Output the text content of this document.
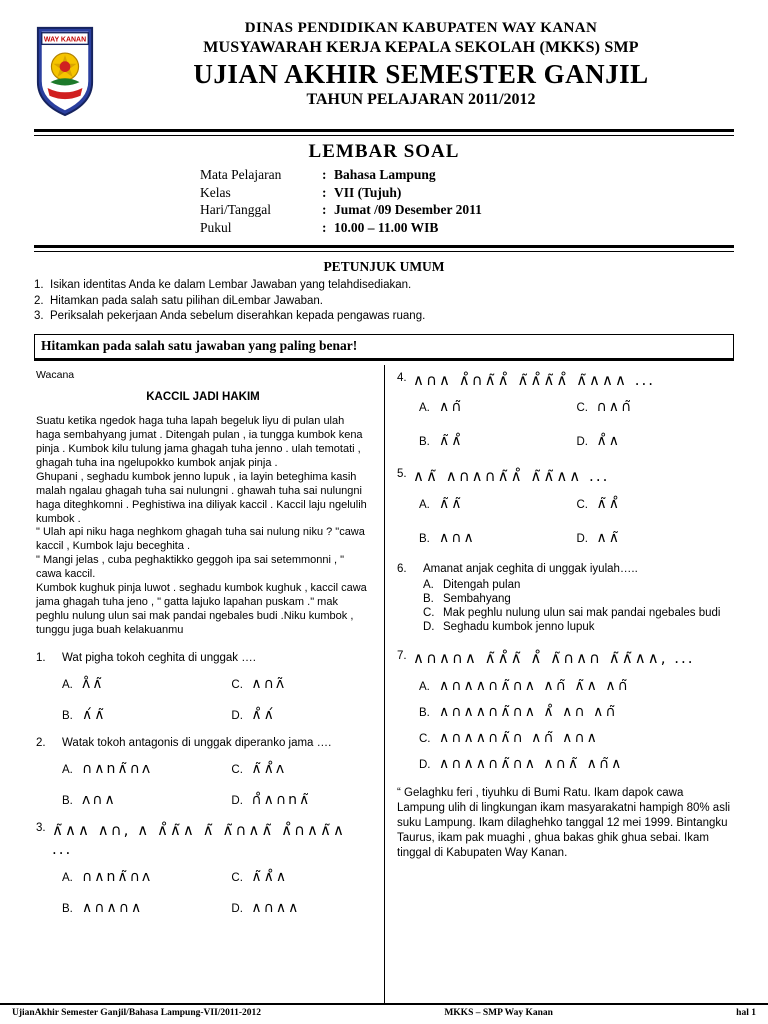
WAY KANAN
DINAS PENDIDIKAN KABUPATEN WAY KANAN
MUSYAWARAH KERJA KEPALA SEKOLAH (MKKS) SMP
UJIAN AKHIR SEMESTER GANJIL
TAHUN PELAJARAN 2011/2012
LEMBAR SOAL
Mata Pelajaran	: Bahasa Lampung
Kelas	: VII (Tujuh)
Hari/Tanggal	: Jumat /09 Desember 2011
Pukul	: 10.00 – 11.00 WIB
PETUNJUK UMUM
1. Isikan identitas Anda ke dalam Lembar Jawaban yang telahdisediakan.
2. Hitamkan pada salah satu pilihan diLembar Jawaban.
3. Periksalah pekerjaan Anda sebelum diserahkan kepada pengawas ruang.
Hitamkan pada salah satu jawaban yang paling benar!
Wacana
KACCIL JADI HAKIM
Suatu ketika ngedok haga tuha lapah begeluk liyu di pulan ulah haga sembahyang jumat . Ditengah pulan , ia tungga kumbok kena pinja . Kumbok kilu tulung jama ghagah tuha jenno . ulah temotati , ghagah tuha ina ngelupokko kumbok anjak pinja .
Ghupani , seghadu kumbok jenno lupuk , ia layin beteghima kasih malah ngalau ghagah tuha sai nulungni . ghawah tuha sai nulungni haga diteghkomni . Peghistiwa ina diliyak kaccil . Kaccil laju ngelulih kumbok .
" Ulah api niku haga neghkom ghagah tuha sai nulung niku ? "cawa kaccil , Kumbok laju beceghita .
" Mangi jelas , cuba peghaktikko geggoh ipa sai setemmonni , " cawa kaccil.
Kumbok kughuk pinja luwot . seghadu kumbok kughuk , kaccil cawa jama ghagah tuha jeno , " gatta lajuko lapahan puskam ." mak peghlu nulung ulun sai mak pandai ngebales budi .Niku kumbok , tunggu juga buah kelakuanmu
1.	Wat pigha tokoh ceghita di unggak ….
A. ʌ̊∧̃	C. ∧∩ʌ̃
B. ∧́∧̃	D. ∧̊∧́
2.	Watak tokoh antagonis di unggak diperanko jama ….
A. ∩∧n∧̃∩ʌ	C. ∧̃∧̊ʌ
B. ʌ∩∧	D. ∩̊∧∩n∧̃
3. ∧̃∧∧ ∧∩, ∧ ∧̊∧̃∧ ∧̃ ∧̃∩∧∧̃ ∧̊∩∧∧̃∧ ...
A. ∩∧n∧̃∩ʌ	C. ∧̃∧̊∧
B. ∧∩∧∩∧	D. ∧∩∧∧
4. ∧∩∧ ∧̊∩∧̃∧̊ ∧̃∧̊∧̃∧̊ ∧̃∧∧∧ ...
A. ∧∩̃	C. ∩∧∩̃
B. ∧̃∧̊	D. ∧̊∧
5. ∧∧̃ ∧∩∧∩∧̃∧̊ ∧̃∧̃∧∧ ...
A. ∧̃∧̃	C. ∧̃∧̊
B. ∧∩∧	D. ∧∧̃
6.	Amanat anjak ceghita di unggak iyulah…..
A. Ditengah pulan
B. Sembahyang
C. Mak peghlu nulung ulun sai mak pandai ngebales budi
D. Seghadu kumbok jenno lupuk
7. ∧∩∧∩∧ ∧̃∧̊∧̃ ∧̊ ∧̃∩∧∩ ∧̃∧̃∧∧, ...
A. ∧∩∧∧∩∧̃∩∧ ∧∩̃ ∧̃∧ ∧∩̃
B. ∧∩∧∧∩∧̃∩∧ ∧̊ ∧∩ ∧∩̃
C. ∧∩∧∧∩∧̃∩ ∧∩̃ ∧∩∧
D. ∧∩∧∧∩∧̃∩∧ ∧∩∧̃ ∧∩̃∧
“ Gelaghku feri , tiyuhku di Bumi Ratu. Ikam dapok cawa Lampung ulih di lingkungan ikam masyarakatni hampigh 80% asli suku Lampung. Ikam dilaghehko tanggal 12 mei 1999. Bintangku Taurus, ikam pak muaghi , ghua bakas ghik ghua sebai. Ikam tinggal di Kabupaten Way Kanan.
UjianAkhir Semester Ganjil/Bahasa Lampung-VII/2011-2012	MKKS – SMP Way Kanan	hal 1
